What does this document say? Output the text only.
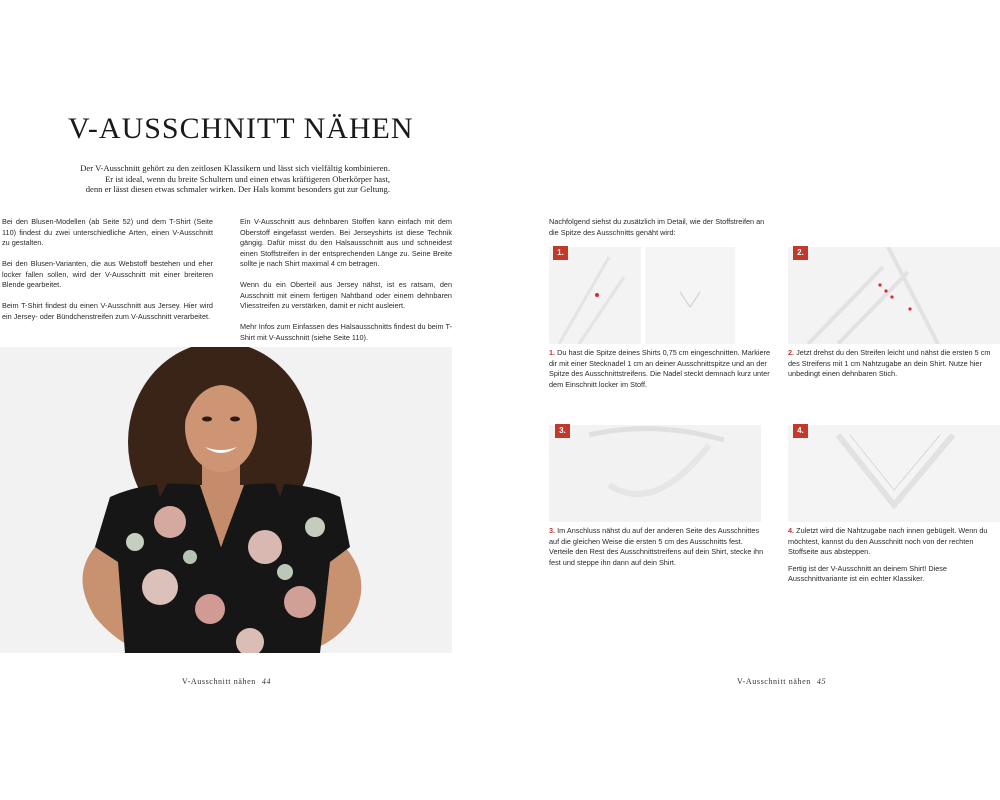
V-AUSSCHNITT NÄHEN
Der V-Ausschnitt gehört zu den zeitlosen Klassikern und lässt sich vielfältig kombinieren.
Er ist ideal, wenn du breite Schultern und einen etwas kräftigeren Oberkörper hast,
denn er lässt diesen etwas schmaler wirken. Der Hals kommt besonders gut zur Geltung.

Bei den Blusen-Modellen (ab Seite 52) und dem T-Shirt (Seite 110) findest du zwei unterschiedliche Arten, einen V-Ausschnitt zu gestalten.

Bei den Blusen-Varianten, die aus Webstoff bestehen und eher locker fallen sollen, wird der V-Ausschnitt mit einer breiteren Blende gearbeitet.

Beim T-Shirt findest du einen V-Ausschnitt aus Jersey. Hier wird ein Jersey- oder Bündchenstreifen zum V-Ausschnitt verarbeitet.

Ein V-Ausschnitt aus dehnbaren Stoffen kann einfach mit dem Oberstoff eingefasst werden. Bei Jerseyshirts ist diese Technik gängig. Dafür misst du den Halsausschnitt aus und schneidest einen Stoffstreifen in der entsprechenden Länge zu. Seine Breite sollte je nach Shirt maximal 4 cm betragen.

Wenn du ein Oberteil aus Jersey nähst, ist es ratsam, den Ausschnitt mit einem fertigen Nahtband oder einem dehnbaren Vliesstreifen zu verstärken, damit er nicht ausleiert.

Mehr Infos zum Einfassen des Halsausschnitts findest du beim T-Shirt mit V-Ausschnitt (siehe Seite 110).

V-Ausschnitt nähen 44
Nachfolgend siehst du zusätzlich im Detail, wie der Stoffstreifen an die Spitze des Ausschnitts genäht wird:
1.	2.
1. Du hast die Spitze deines Shirts 0,75 cm eingeschnitten. Markiere dir mit einer Stecknadel 1 cm an deiner Ausschnittspitze und an der Spitze des Ausschnittstreifens. Die Nadel steckt demnach kurz unter dem Einschnitt locker im Stoff.
2. Jetzt drehst du den Streifen leicht und nähst die ersten 5 cm des Streifens mit 1 cm Nahtzugabe an dein Shirt. Nutze hier unbedingt einen dehnbaren Stich.
3.	4.
3. Im Anschluss nähst du auf der anderen Seite des Ausschnittes auf die gleichen Weise die ersten 5 cm des Ausschnitts fest. Verteile den Rest des Ausschnittstreifens auf dein Shirt, stecke ihn fest und steppe ihn dann auf dein Shirt.

4. Zuletzt wird die Nahtzugabe nach innen gebügelt. Wenn du möchtest, kannst du den Ausschnitt noch von der rechten Stoffseite aus absteppen.

Fertig ist der V-Ausschnitt an deinem Shirt! Diese Ausschnittvariante ist ein echter Klassiker.

V-Ausschnitt nähen 45
